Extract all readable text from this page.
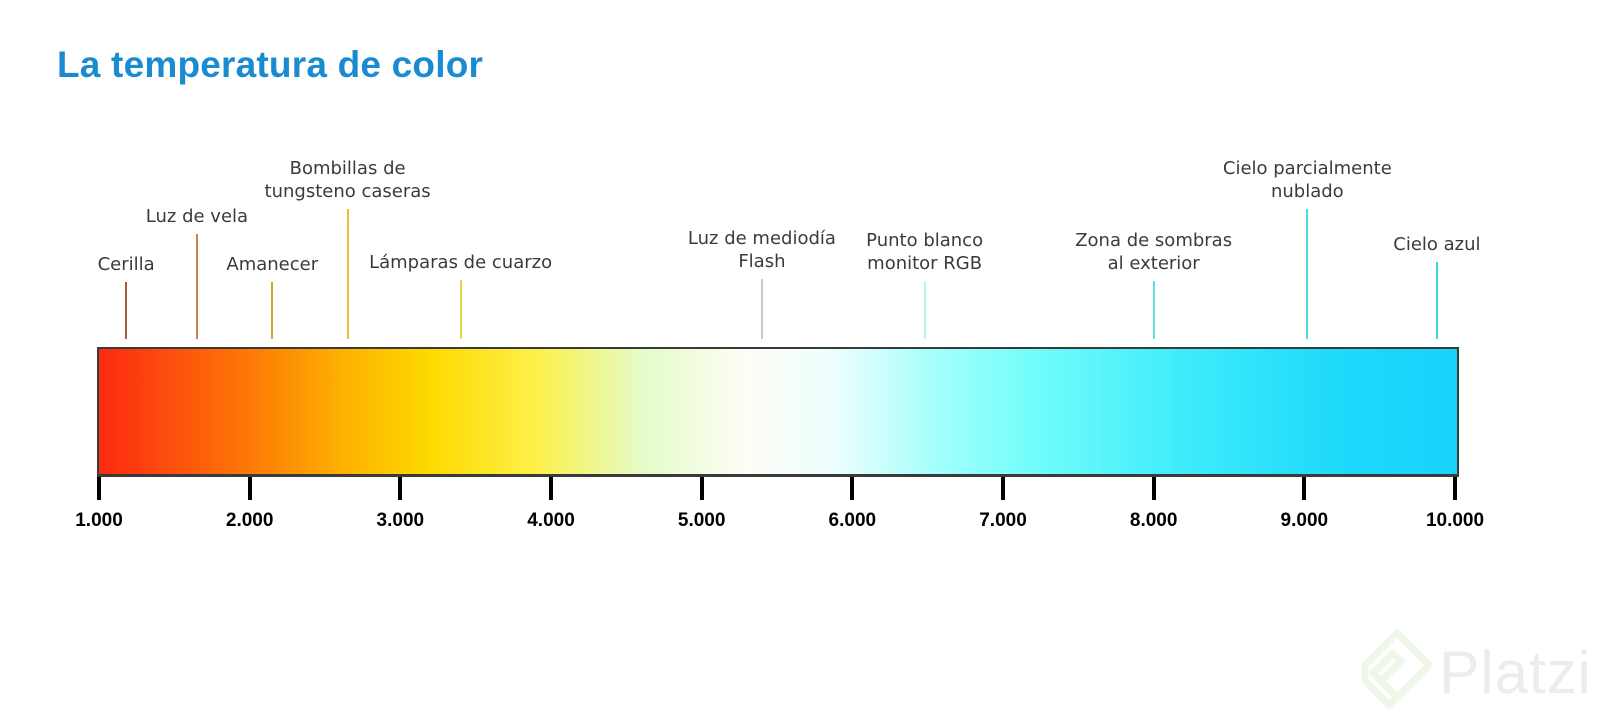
La temperatura de color
Cerilla
Luz de vela
Amanecer
Bombillas de
tungsteno caseras
Lámparas de cuarzo
Luz de mediodía
Flash
Punto blanco
monitor RGB
Zona de sombras
al exterior
Cielo parcialmente
nublado
Cielo azul
1.000	2.000	3.000	4.000	5.000	6.000	7.000	8.000	9.000	10.000
Platzi
